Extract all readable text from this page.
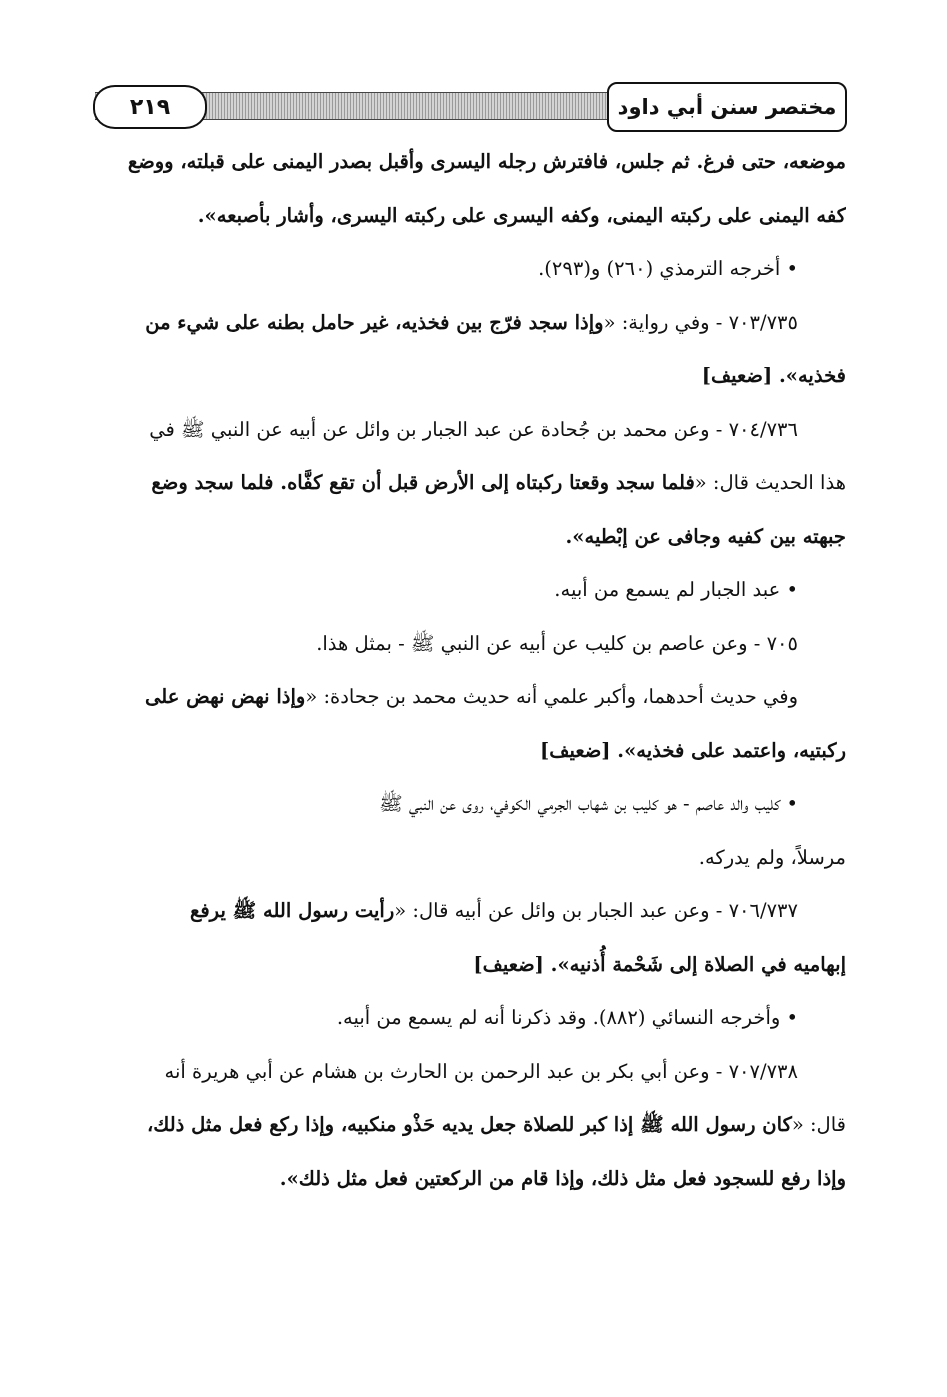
٢١٩	مختصر سنن أبي داود
موضعه، حتى فرغ. ثم جلس، فافترش رجله اليسرى وأقبل بصدر اليمنى على قبلته، ووضع
كفه اليمنى على ركبته اليمنى، وكفه اليسرى على ركبته اليسرى، وأشار بأصبعه».
• أخرجه الترمذي (٢٦٠) و(٢٩٣).
٧٠٣/٧٣٥ - وفي رواية: «وإذا سجد فرّج بين فخذيه، غير حامل بطنه على شيء من
فخذيه». [ضعيف]
٧٠٤/٧٣٦ - وعن محمد بن جُحادة عن عبد الجبار بن وائل عن أبيه عن النبي ﷺ في
هذا الحديث قال: «فلما سجد وقعتا ركبتاه إلى الأرض قبل أن تقع كفَّاه. فلما سجد وضع
جبهته بين كفيه وجافى عن إبْطيه».
• عبد الجبار لم يسمع من أبيه.
٧٠٥ - وعن عاصم بن كليب عن أبيه عن النبي ﷺ - بمثل هذا.
وفي حديث أحدهما، وأكبر علمي أنه حديث محمد بن جحادة: «وإذا نهض نهض على
ركبتيه، واعتمد على فخذيه». [ضعيف]
• كليب والد عاصم - هو كليب بن شهاب الجرمي الكوفي، روى عن النبي ﷺ
مرسلاً، ولم يدركه.
٧٠٦/٧٣٧ - وعن عبد الجبار بن وائل عن أبيه قال: «رأيت رسول الله ﷺ يرفع
إبهاميه في الصلاة إلى شَحْمة أُذنيه». [ضعيف]
• وأخرجه النسائي (٨٨٢). وقد ذكرنا أنه لم يسمع من أبيه.
٧٠٧/٧٣٨ - وعن أبي بكر بن عبد الرحمن بن الحارث بن هشام عن أبي هريرة أنه
قال: «كان رسول الله ﷺ إذا كبر للصلاة جعل يديه حَذْو منكبيه، وإذا ركع فعل مثل ذلك،
وإذا رفع للسجود فعل مثل ذلك، وإذا قام من الركعتين فعل مثل ذلك».
